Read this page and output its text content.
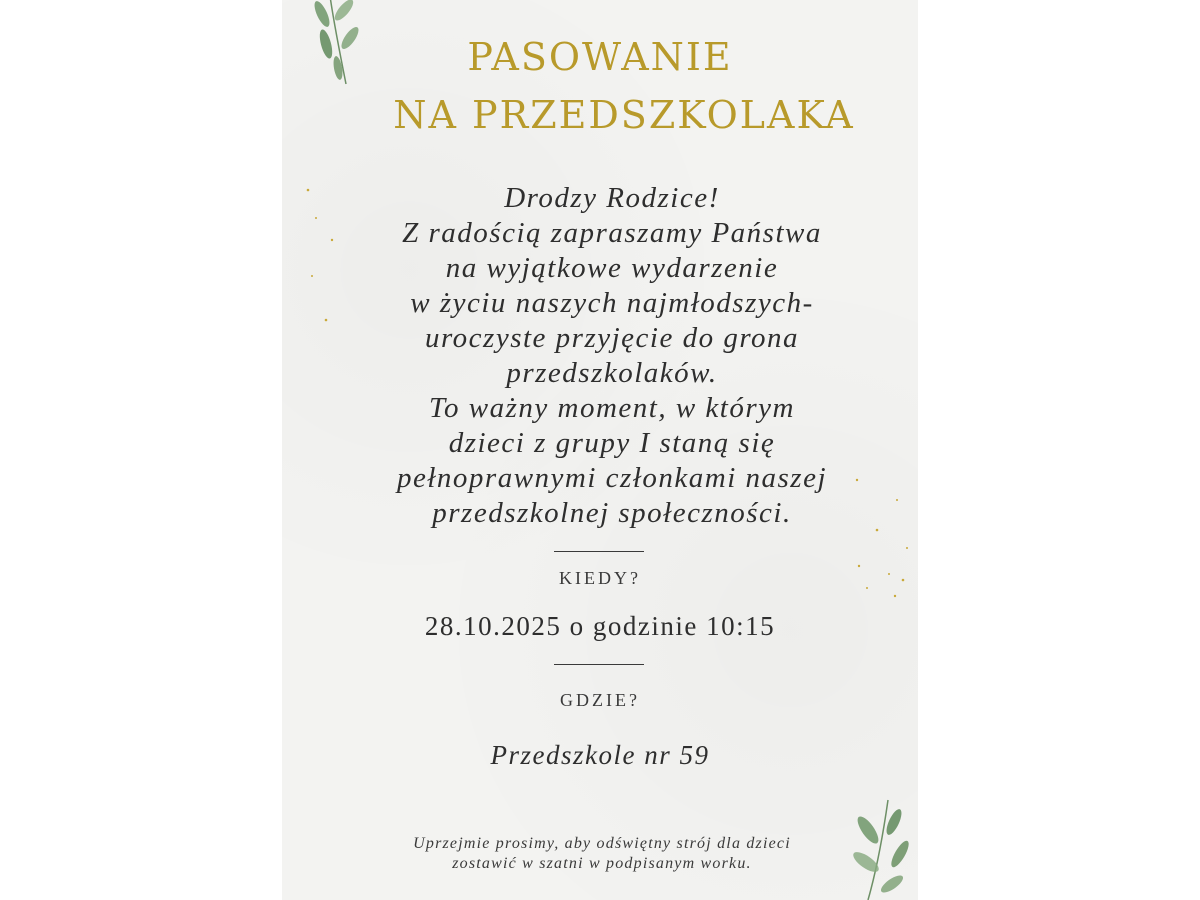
PASOWANIE
NA PRZEDSZKOLAKA
Drodzy Rodzice!
Z radością zapraszamy Państwa
na wyjątkowe wydarzenie
w życiu naszych najmłodszych-
uroczyste przyjęcie do grona
przedszkolaków.
To ważny moment, w którym
dzieci z grupy I staną się
pełnoprawnymi członkami naszej
przedszkolnej społeczności.
KIEDY?
28.10.2025 o godzinie 10:15
GDZIE?
Przedszkole nr 59
Uprzejmie prosimy, aby odświętny strój dla dzieci
zostawić w szatni w podpisanym worku.
